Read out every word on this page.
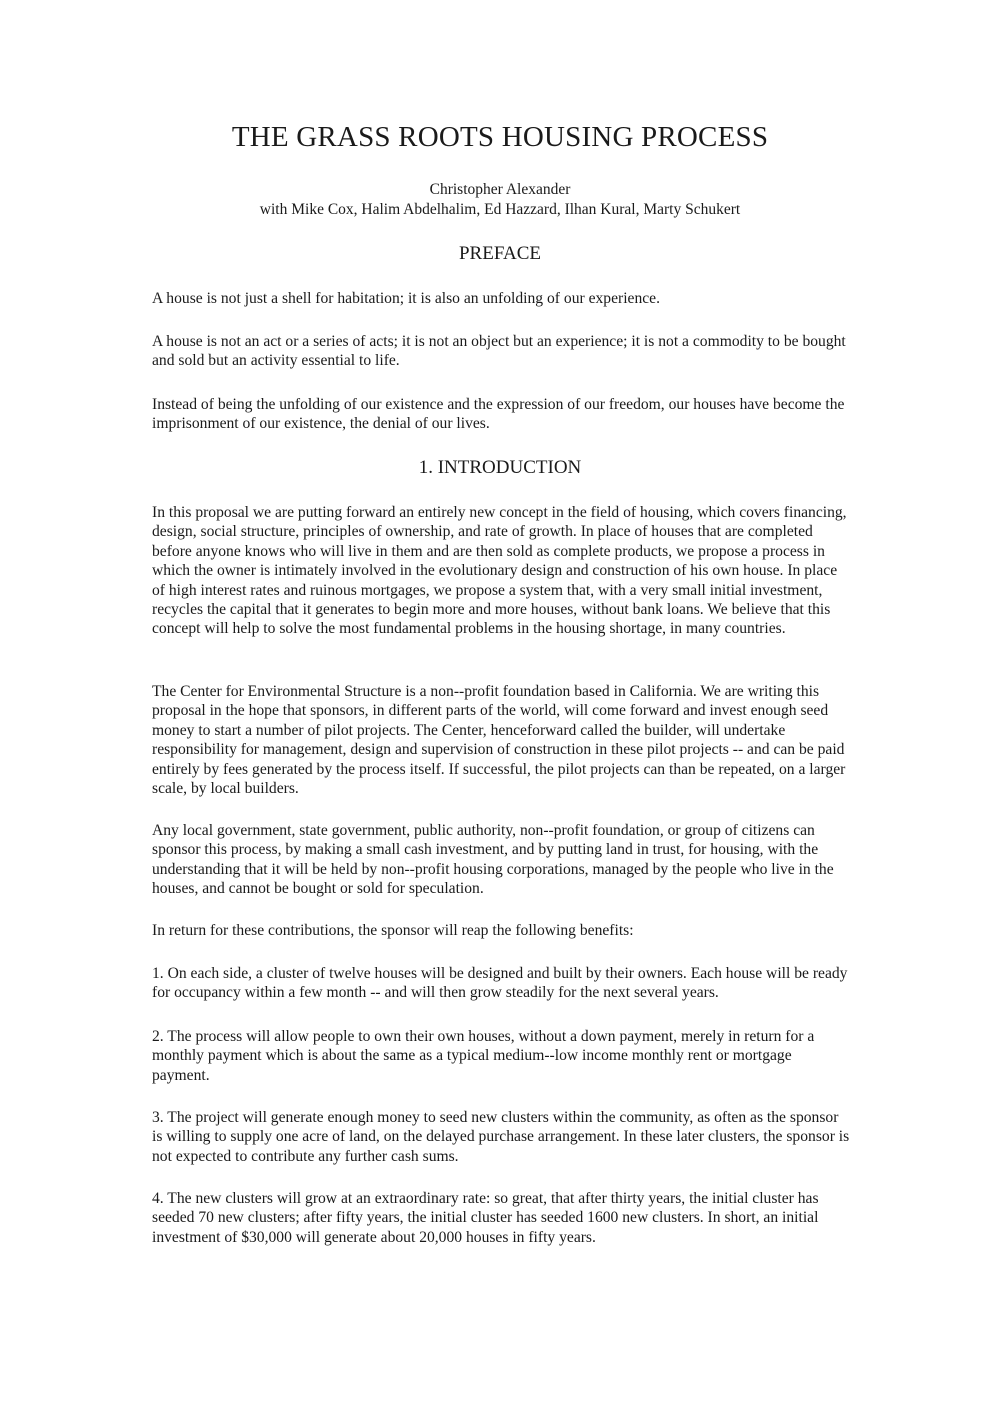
THE GRASS ROOTS HOUSING PROCESS

Christopher Alexander

with Mike Cox, Halim Abdelhalim, Ed Hazzard, Ilhan Kural, Marty Schukert

PREFACE

A house is not just a shell for habitation; it is also an unfolding of our experience.

A house is not an act or a series of acts; it is not an object but an experience; it is not a commodity to be bought and sold but an activity essential to life.

Instead of being the unfolding of our existence and the expression of our freedom, our houses have become the imprisonment of our existence, the denial of our lives.

1. INTRODUCTION

In this proposal we are putting forward an entirely new concept in the field of housing, which covers financing, design, social structure, principles of ownership, and rate of growth. In place of houses that are completed before anyone knows who will live in them and are then sold as complete products, we propose a process in which the owner is intimately involved in the evolutionary design and construction of his own house. In place of high interest rates and ruinous mortgages, we propose a system that, with a very small initial investment, recycles the capital that it generates to begin more and more houses, without bank loans. We believe that this concept will help to solve the most fundamental problems in the housing shortage, in many countries.

The Center for Environmental Structure is a non--profit foundation based in California. We are writing this proposal in the hope that sponsors, in different parts of the world, will come forward and invest enough seed money to start a number of pilot projects. The Center, henceforward called the builder, will undertake responsibility for management, design and supervision of construction in these pilot projects -- and can be paid entirely by fees generated by the process itself. If successful, the pilot projects can than be repeated, on a larger scale, by local builders.

Any local government, state government, public authority, non--profit foundation, or group of citizens can sponsor this process, by making a small cash investment, and by putting land in trust, for housing, with the understanding that it will be held by non--profit housing corporations, managed by the people who live in the houses, and cannot be bought or sold for speculation.

In return for these contributions, the sponsor will reap the following benefits:

1. On each side, a cluster of twelve houses will be designed and built by their owners. Each house will be ready for occupancy within a few month -- and will then grow steadily for the next several years.

2. The process will allow people to own their own houses, without a down payment, merely in return for a monthly payment which is about the same as a typical medium--low income monthly rent or mortgage payment.

3. The project will generate enough money to seed new clusters within the community, as often as the sponsor is willing to supply one acre of land, on the delayed purchase arrangement. In these later clusters, the sponsor is not expected to contribute any further cash sums.

4. The new clusters will grow at an extraordinary rate: so great, that after thirty years, the initial cluster has seeded 70 new clusters; after fifty years, the initial cluster has seeded 1600 new clusters. In short, an initial investment of $30,000 will generate about 20,000 houses in fifty years.
